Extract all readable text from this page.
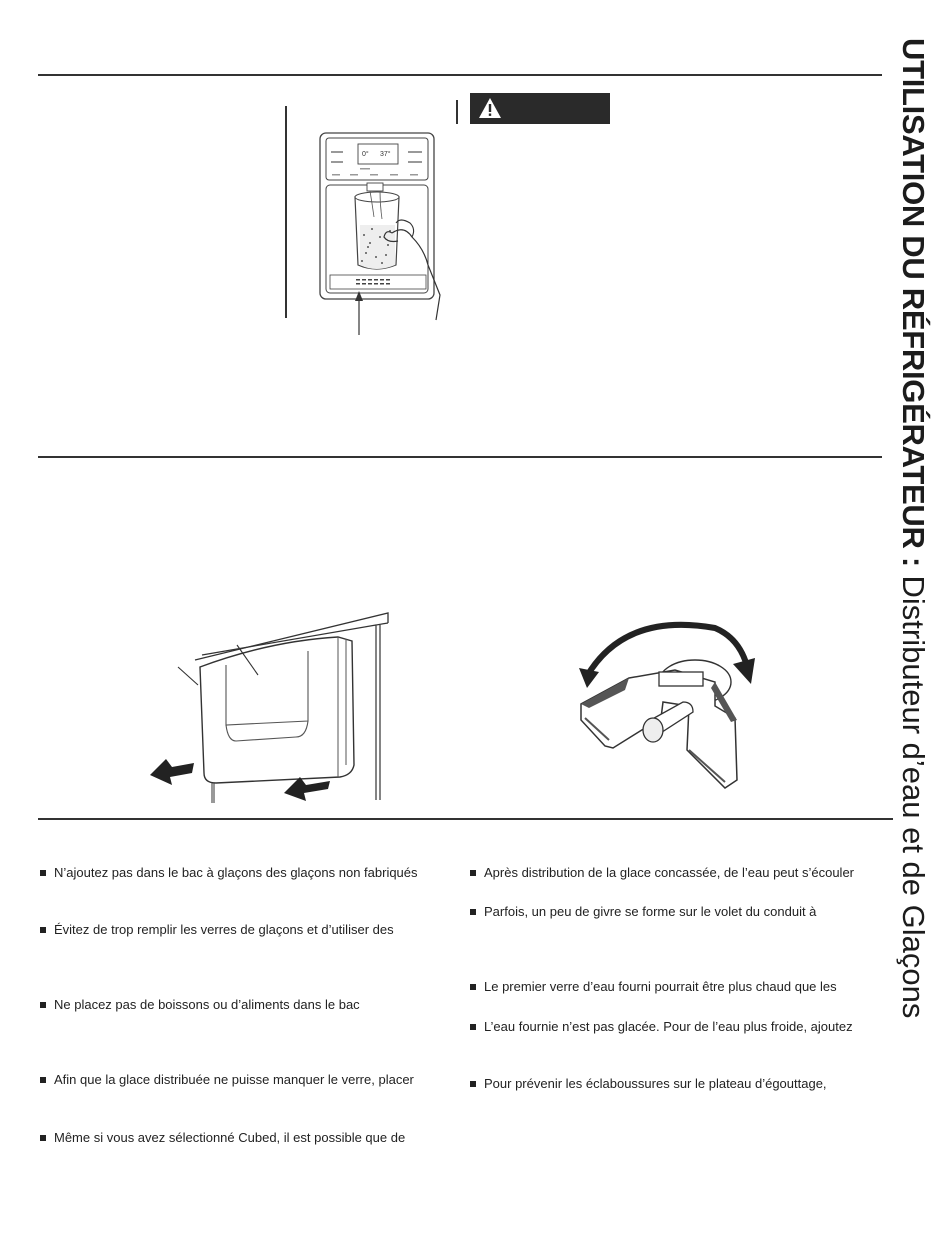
0° 37°	UTILISATION DU RÉFRIGÉRATEUR : Distributeur d’eau et de Glaçons
N’ajoutez pas dans le bac à glaçons des glaçons non fabriqués
Évitez de trop remplir les verres de glaçons et d’utiliser des
Ne placez pas de boissons ou d’aliments dans le bac
Afin que la glace distribuée ne puisse manquer le verre, placer
Même si vous avez sélectionné Cubed, il est possible que de
Après distribution de la glace concassée, de l’eau peut s’écouler
Parfois, un peu de givre se forme sur le volet du conduit à
Le premier verre d’eau fourni pourrait être plus chaud que les
L’eau fournie n’est pas glacée. Pour de l’eau plus froide, ajoutez
Pour prévenir les éclaboussures sur le plateau d’égouttage,
